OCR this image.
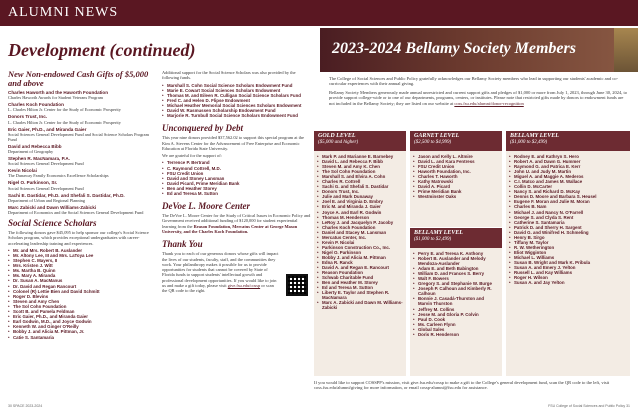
ALUMNI NEWS
Development (continued)	2023-2024 Bellamy Society Members
New Non-endowed Cash Gifts of $5,000 and above
Charles Haworth and the Haworth Foundation
Charles Haworth Awards for Student Veterans Program
Charles Koch Foundation
L. Charles Hilton Jr. Center for the Study of Economic Prosperity
Donors Trust, Inc.
L. Charles Hilton Jr. Center for the Study of Economic Prosperity
Eric Gaier, Ph.D., and Miranda Gaier
Social Sciences General Development Fund and Social Science Scholars Program Fund
David and Rebecca Bibb
Department of Geography
Stephen R. MacNamara, P.A.
Social Sciences General Development Fund
Kevin Nicolai
The Dunaway Family Economics Excellence Scholarships
Nigel O. Parkinson, Sr.
Social Sciences General Development Fund
Sachi E. Dastidar, Ph.D. and Shefali S. Dastidar, Ph.D.
Department of Urban and Regional Planning
Marc Zabicki and Dawn Williams-Zabicki
Department of Economics and the Social Sciences General Development Fund
Social Science Scholars
The following donors gave $45,095 to help sponsor our college's Social Science Scholars program, which provides exceptional undergraduates with career-accelerating leadership training and experiences.
• Mr. and Mrs. Robert B. Auslander
• Mr. Altony Lee, III and Mrs. LaToya Lee
• Stephen C. Mayers, II
• Mrs. Kristen J. Witt
• Ms. Martha B. Quinn
• Ms. Mary A. Miranda
• Dr. Susan A. MacManus
• Dr. David and Regan Rancourt
• Colonel (R) Lettie Bien and David Schmitt
• Roger D. Blevins
• Steven and Amy Chen
• The Sol Cohn Foundation
• Scott B. and Pamela Feldman
• Eric Gaier, Ph.D., and Miranda Gaier
• Earl Godwin, M.D., and Joyce Godwin
• Kenneth W. and Ginger O'Reilly
• Bobby J. and Alicia M. Pittman, Jr.
• Catie S. Santamaria
Additional support for the Social Science Scholars was also provided by the following funds.
• Marshall S. Cohn Social Science Scholars Endowment Fund
• Marie E. Cowart Social Sciences Scholars Endowment
• Thomas M. and Eileen R. Culligan Social Science Scholars Fund
• Fred C. and Helen D. Flipse Endowment
• Michael Heather Memorial Social Sciences Scholars Endowment
• David W. Rasmussen Scholarship Endowment Fund
• Marjorie R. Turnbull Social Science Scholars Endowment Fund
Unconquered by Debt
This year nine donors provided $37,562.02 to support this special program at the Kim A. Stevens Center for the Advancement of Free Enterprise and Economic Education at Florida State University.
We are grateful for the support of:
• Terrence P. Bertrand
• C. Raymond Cottrell, M.D.
• FSU Credit Union
• David and Stoney Lansman
• David Picard, Prime Meridian Bank
• Ben and Heather Storey
• Ed and Teresa M. Sutton
DeVoe L. Moore Center
The DeVoe L. Moore Center for the Study of Critical Issues in Economic Policy and Government received additional funding of $120,000 for student experiential learning from the Reason Foundation, Mercatus Center at George Mason University, and the Charles Koch Foundation.
Thank You
Thank you to each of our generous donors whose gifts will impact the lives of our students, faculty, staff, and the communities they work. Your philanthropy makes it possible for us to provide opportunities for students that cannot be covered by State of Florida funds to support students' intellectual growth and professional development opportunities. If you would like to join us and make a gift today, please visit give.fsu.edu/cossp or scan the QR code to the right.
The College of Social Sciences and Public Policy gratefully acknowledges our Bellamy Society members who lead in supporting our students' academic and co-curricular experiences with their annual giving.
Bellamy Society Members generously made annual unrestricted and current support gifts and pledges of $1,000 or more from July 1, 2023, through June 30, 2024, to provide support college-wide or to one of our departments, programs, centers, or institutes. Please note that restricted gifts made by donors to endowment funds are not included in the Bellamy Society; they are listed on our website at coss.fsu.edu/alumni/donor-recognition
GOLD LEVEL
($5,000 and higher)
• Mark P. and Marianne E. Barnebey
• David L. and Rebecca F. Bibb
• Steven M. and Amy K. Chen
• The Sol Cohn Foundation
• Marshall S. and Elvira A. Cohn
• Charles R. Cottrell
• Sachi G. and Shefali S. Dastidar
• Donors Trust, Inc.
• Julie and Mark Dunaway
• Joel E. and Virginia D. Embry
• Eric M. and Miranda J. Gaier
• Joyce A. and Earl R. Godwin
• Thomas M. Henderson
• LeRoy J. and Jacquelyn P. Jacoby
• Charles Koch Foundation
• Daniel and Stacey M. Lansman
• Mercatus Center, Inc.
• Kevin P. Nicolai
• Parkinson Construction Co., Inc.
• Nigel O. Parkinson
• Bobby J. and Alicia M. Pittman
• Edna R. Ranck
• David A. and Regan E. Rancourt
• Reason Foundation
• Schwab Charitable Fund
• Ben and Heather M. Storey
• Ed and Teresa M. Sutton
• Liberty E. Taylor and Stephen R. MacNamara
• Marc A. Zabicki and Dawn M. Williams-Zabicki
GARNET LEVEL
($2,500 to $4,999)
• Jason and Kelly L. Altmire
• David L. and Kara Fentress
• FSU Credit Union
• Haworth Foundation, Inc.
• Charles T. Haworth
• Kathy Matrowski
• David A. Picard
• Prime Meridian Bank
• Westminster Oaks
BELLAMY LEVEL
($1,000 to $2,499)
• Perry E. and Teresa K. Anthony
• Robert B. Auslander and Melody Mendoza-Auslander
• Adam E. and Beth Babington
• William D. and Frances S. Berry
• Walt F. Bowers
• Gregory S. and Stephanie W. Burge
• Joseph P. Calhoun and Kimberly R. Calhoun
• Bonnie J. Casadá-Thurston and Marvin Thurston
• Jeffrey M. Collins
• Jesse M. and Gloria P. Colvin
• Paul D. Cook
• Ms. Carleen Flynn
• Global Sales
• Doris R. Henderson
BELLAMY LEVEL
($1,000 to $2,499)
• Rodney E. and Kathryn S. Hero
• Robert A. and Dawn G. Hummer
• Raymond G. and Patrica E. Kerr
• John U. and Judy M. Martin
• Miguel A. and Maggie A. Mederos
• C.I. Matco and James M. Wallace
• Collin D. McCarter
• Nancy S. and Richard D. McKay
• Dennis D. Moore and Barbara S. Heusel
• Eugene F. Moran and Julie M. Moran
• Charles B. Nam
• Michael J. and Nancy N. O'Farrell
• George S. and Clyda S. Rent
• Catherine S. Santamaria
• Patrick D. and Sherry H. Sargent
• David G. and Winifred H. Schmeling
• Henry B. Sirgo
• Tiffany M. Taylor
• R. W. Wetherington
• Eliot Wigginton
• Michael L. Williams
• Susan B. Wright and Mark K. Pribula
• Susan A. and Emery J. Yelton
• Russell L. and Kay Williams
• Roger H. Wilson
• Susan A. and Jay Yelton
If you would like to support COSSPP's mission, visit give.fsu.edu/cossp to make a gift to the College's general development fund, scan the QR code to the left, visit coss.fsu.edu/alumni/giving for more information, or email cossp-alumni@fsu.edu for assistance.
30 SPACE 2023-2024	FSU College of Social Sciences and Public Policy 31
